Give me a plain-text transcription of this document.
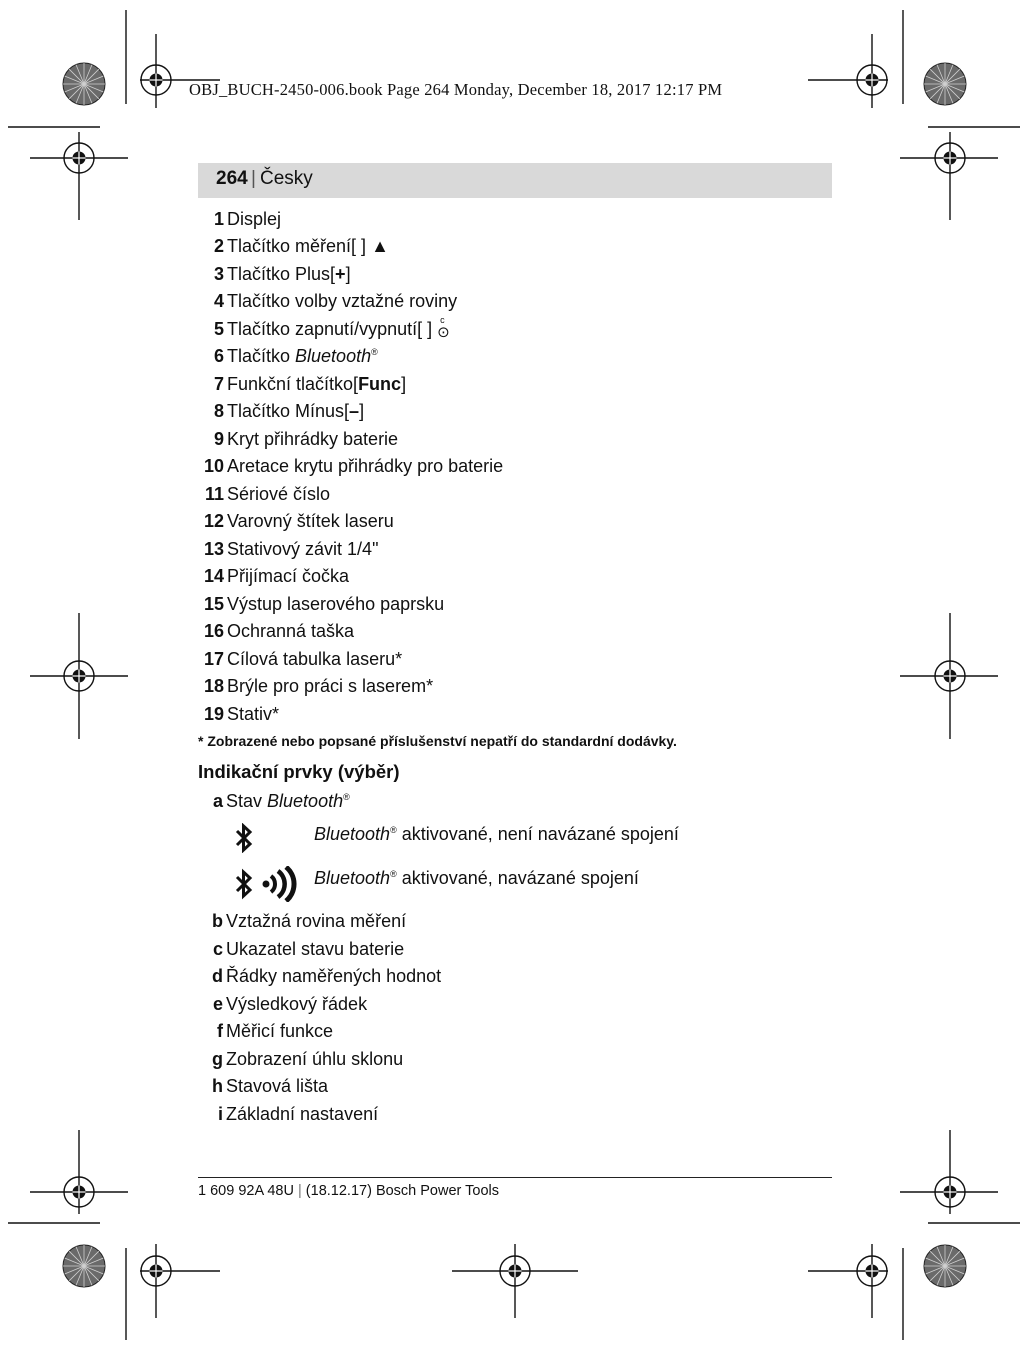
OBJ_BUCH-2450-006.book Page 264 Monday, December 18, 2017 12:17 PM
264 | Česky
1 Displej
2 Tlačítko měření[ ] ▲
3 Tlačítko Plus[+]
4 Tlačítko volby vztažné roviny
5 Tlačítko zapnutí/vypnutí[ ] c
⊙
6 Tlačítko Bluetooth®
7 Funkční tlačítko[Func]
8 Tlačítko Mínus[–]
9 Kryt přihrádky baterie
10 Aretace krytu přihrádky pro baterie
11 Sériové číslo
12 Varovný štítek laseru
13 Stativový závit 1/4"
14 Přijímací čočka
15 Výstup laserového paprsku
16 Ochranná taška
17 Cílová tabulka laseru*
18 Brýle pro práci s laserem*
19 Stativ*
* Zobrazené nebo popsané příslušenství nepatří do standardní dodávky.
Indikační prvky (výběr)
a Stav Bluetooth®
Bluetooth® aktivované, není navázané spojení
Bluetooth® aktivované, navázané spojení
b Vztažná rovina měření
c Ukazatel stavu baterie
d Řádky naměřených hodnot
e Výsledkový řádek
f Měřicí funkce
g Zobrazení úhlu sklonu
h Stavová lišta
i Základní nastavení
1 609 92A 48U | (18.12.17) Bosch Power Tools
